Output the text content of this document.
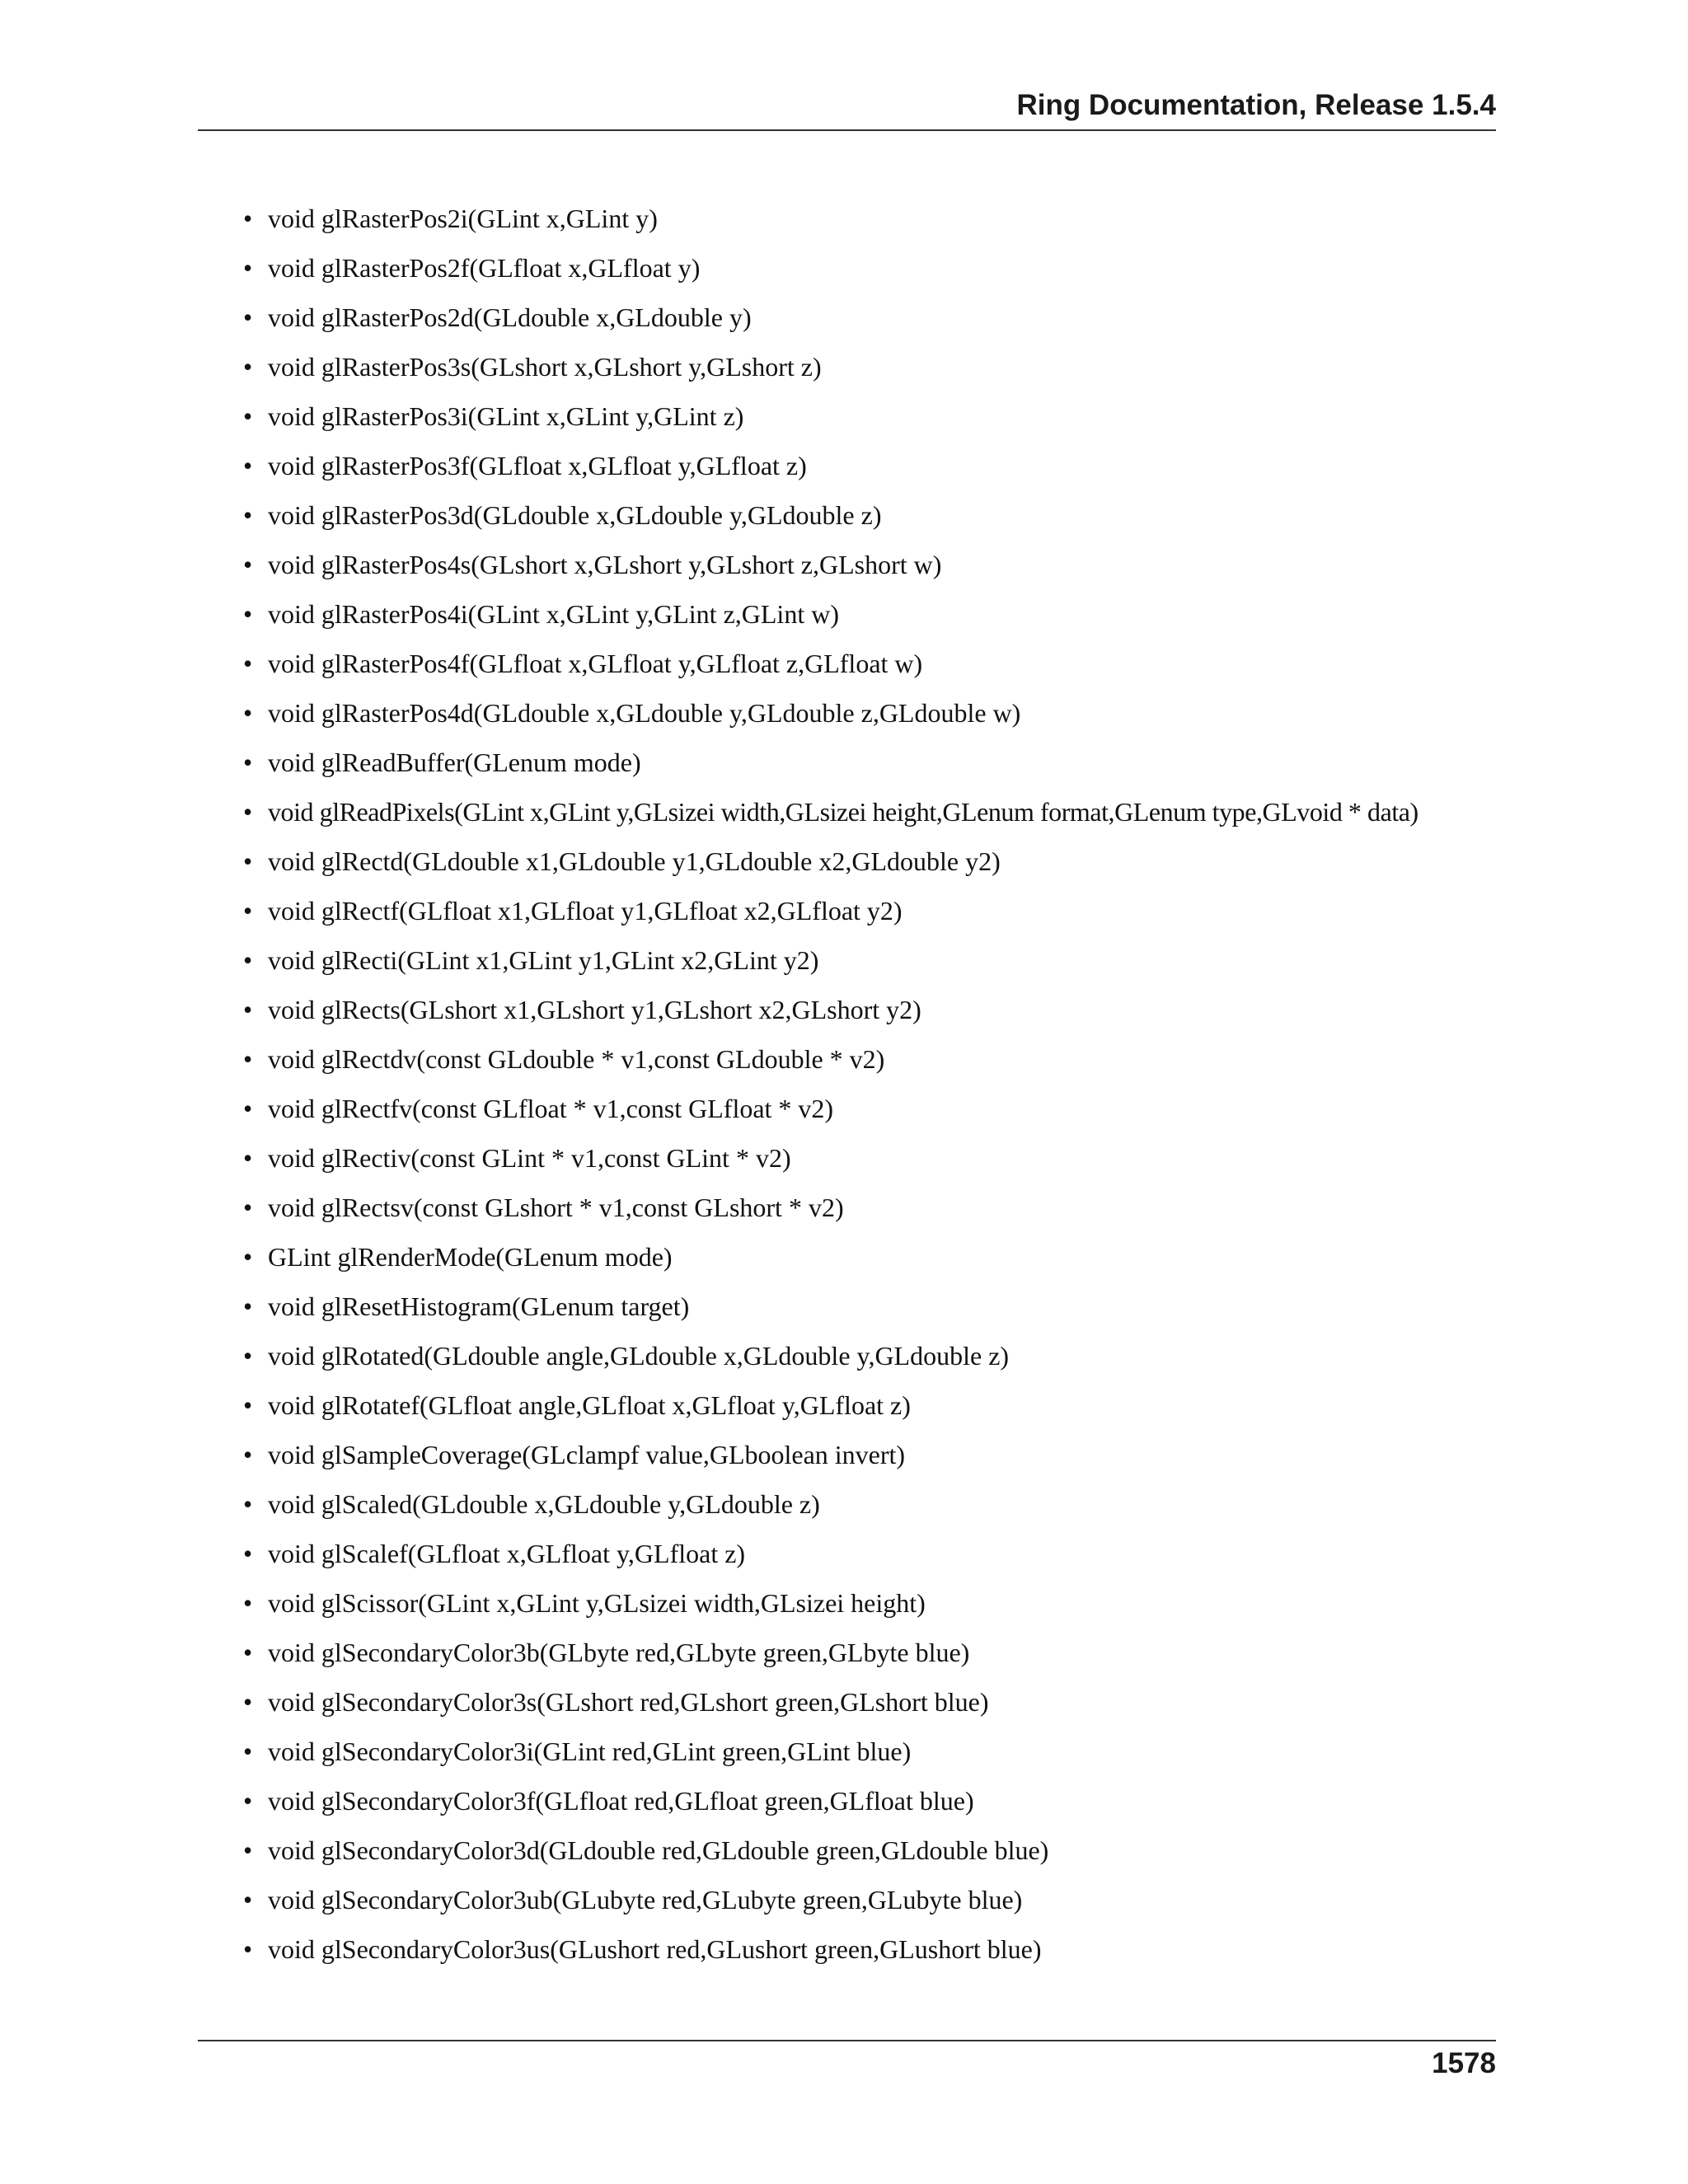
Ring Documentation, Release 1.5.4
• void glRasterPos2i(GLint x,GLint y)
• void glRasterPos2f(GLfloat x,GLfloat y)
• void glRasterPos2d(GLdouble x,GLdouble y)
• void glRasterPos3s(GLshort x,GLshort y,GLshort z)
• void glRasterPos3i(GLint x,GLint y,GLint z)
• void glRasterPos3f(GLfloat x,GLfloat y,GLfloat z)
• void glRasterPos3d(GLdouble x,GLdouble y,GLdouble z)
• void glRasterPos4s(GLshort x,GLshort y,GLshort z,GLshort w)
• void glRasterPos4i(GLint x,GLint y,GLint z,GLint w)
• void glRasterPos4f(GLfloat x,GLfloat y,GLfloat z,GLfloat w)
• void glRasterPos4d(GLdouble x,GLdouble y,GLdouble z,GLdouble w)
• void glReadBuffer(GLenum mode)
• void glReadPixels(GLint x,GLint y,GLsizei width,GLsizei height,GLenum format,GLenum type,GLvoid * data)
• void glRectd(GLdouble x1,GLdouble y1,GLdouble x2,GLdouble y2)
• void glRectf(GLfloat x1,GLfloat y1,GLfloat x2,GLfloat y2)
• void glRecti(GLint x1,GLint y1,GLint x2,GLint y2)
• void glRects(GLshort x1,GLshort y1,GLshort x2,GLshort y2)
• void glRectdv(const GLdouble * v1,const GLdouble * v2)
• void glRectfv(const GLfloat * v1,const GLfloat * v2)
• void glRectiv(const GLint * v1,const GLint * v2)
• void glRectsv(const GLshort * v1,const GLshort * v2)
• GLint glRenderMode(GLenum mode)
• void glResetHistogram(GLenum target)
• void glRotated(GLdouble angle,GLdouble x,GLdouble y,GLdouble z)
• void glRotatef(GLfloat angle,GLfloat x,GLfloat y,GLfloat z)
• void glSampleCoverage(GLclampf value,GLboolean invert)
• void glScaled(GLdouble x,GLdouble y,GLdouble z)
• void glScalef(GLfloat x,GLfloat y,GLfloat z)
• void glScissor(GLint x,GLint y,GLsizei width,GLsizei height)
• void glSecondaryColor3b(GLbyte red,GLbyte green,GLbyte blue)
• void glSecondaryColor3s(GLshort red,GLshort green,GLshort blue)
• void glSecondaryColor3i(GLint red,GLint green,GLint blue)
• void glSecondaryColor3f(GLfloat red,GLfloat green,GLfloat blue)
• void glSecondaryColor3d(GLdouble red,GLdouble green,GLdouble blue)
• void glSecondaryColor3ub(GLubyte red,GLubyte green,GLubyte blue)
• void glSecondaryColor3us(GLushort red,GLushort green,GLushort blue)
1578
